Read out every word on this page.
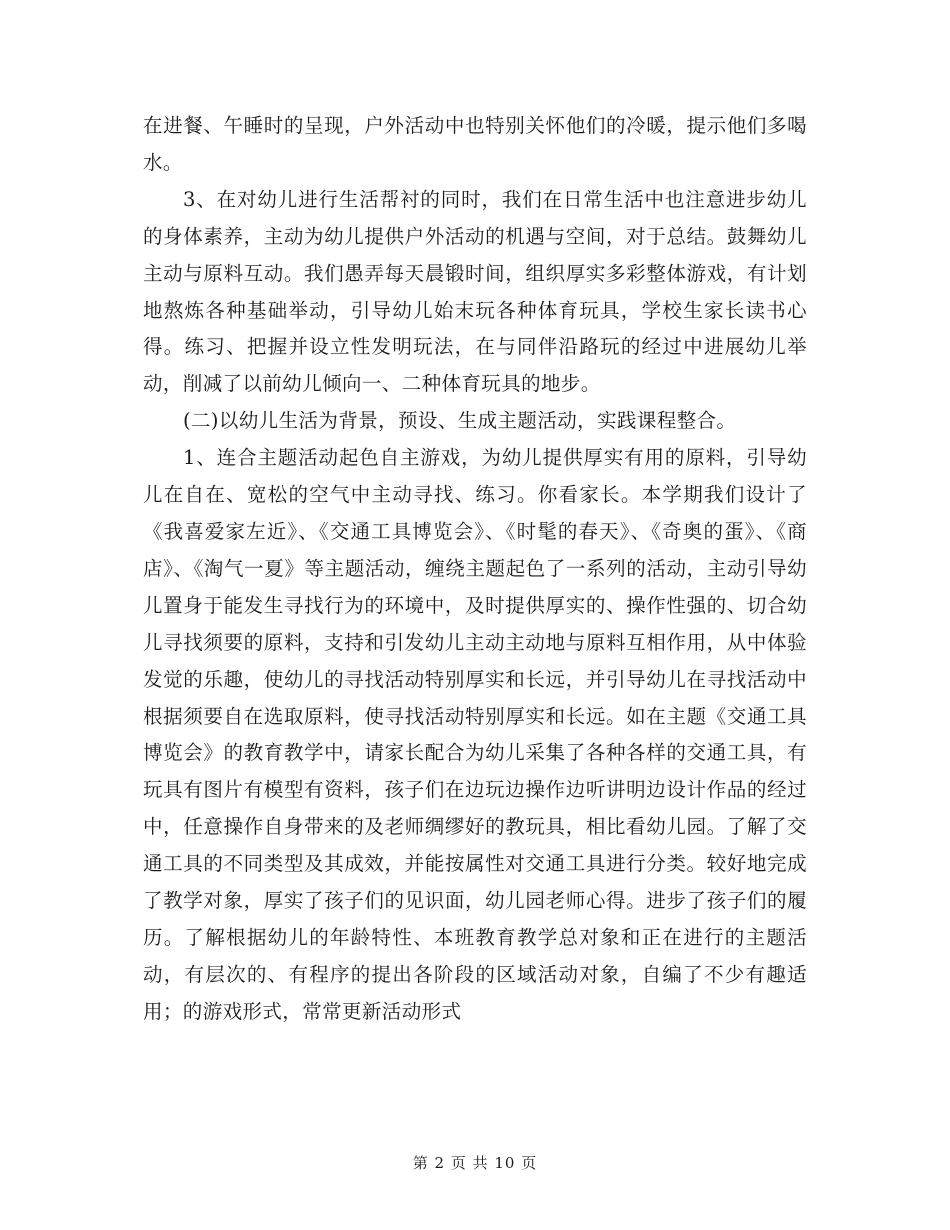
在进餐、午睡时的呈现，户外活动中也特别关怀他们的冷暖，提示他们多喝水。

3、在对幼儿进行生活帮衬的同时，我们在日常生活中也注意进步幼儿的身体素养，主动为幼儿提供户外活动的机遇与空间，对于总结。鼓舞幼儿主动与原料互动。我们愚弄每天晨锻时间，组织厚实多彩整体游戏，有计划地熬炼各种基础举动，引导幼儿始末玩各种体育玩具，学校生家长读书心得。练习、把握并设立性发明玩法，在与同伴沿路玩的经过中进展幼儿举动，削减了以前幼儿倾向一、二种体育玩具的地步。

(二)以幼儿生活为背景，预设、生成主题活动，实践课程整合。

1、连合主题活动起色自主游戏，为幼儿提供厚实有用的原料，引导幼儿在自在、宽松的空气中主动寻找、练习。你看家长。本学期我们设计了《我喜爱家左近》、《交通工具博览会》、《时髦的春天》、《奇奥的蛋》、《商店》、《淘气一夏》等主题活动，缠绕主题起色了一系列的活动，主动引导幼儿置身于能发生寻找行为的环境中，及时提供厚实的、操作性强的、切合幼儿寻找须要的原料，支持和引发幼儿主动主动地与原料互相作用，从中体验发觉的乐趣，使幼儿的寻找活动特别厚实和长远，并引导幼儿在寻找活动中根据须要自在选取原料，使寻找活动特别厚实和长远。如在主题《交通工具博览会》的教育教学中，请家长配合为幼儿采集了各种各样的交通工具，有玩具有图片有模型有资料，孩子们在边玩边操作边听讲明边设计作品的经过中，任意操作自身带来的及老师绸缪好的教玩具，相比看幼儿园。了解了交通工具的不同类型及其成效，并能按属性对交通工具进行分类。较好地完成了教学对象，厚实了孩子们的见识面，幼儿园老师心得。进步了孩子们的履历。了解根据幼儿的年龄特性、本班教育教学总对象和正在进行的主题活动，有层次的、有程序的提出各阶段的区域活动对象，自编了不少有趣适用；的游戏形式，常常更新活动形式

第 2 页 共 10 页
